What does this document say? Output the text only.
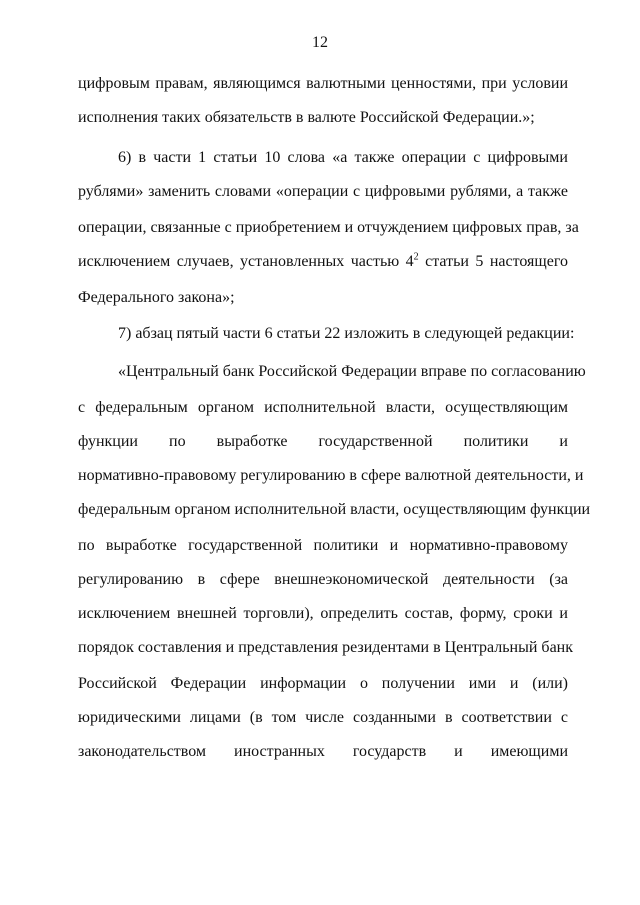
12
цифровым правам, являющимся валютными ценностями, при условии
исполнения таких обязательств в валюте Российской Федерации.»;
6) в части 1 статьи 10 слова «а также операции с цифровыми
рублями» заменить словами «операции с цифровыми рублями, а также
операции, связанные с приобретением и отчуждением цифровых прав, за
исключением случаев, установленных частью $4^2$ статьи 5 настоящего
Федерального закона»;
7) абзац пятый части 6 статьи 22 изложить в следующей редакции:
«Центральный банк Российской Федерации вправе по согласованию
с федеральным органом исполнительной власти, осуществляющим
функции по выработке государственной политики и
нормативно-правовому регулированию в сфере валютной деятельности, и
федеральным органом исполнительной власти, осуществляющим функции
по выработке государственной политики и нормативно-правовому
регулированию в сфере внешнеэкономической деятельности (за
исключением внешней торговли), определить состав, форму, сроки и
порядок составления и представления резидентами в Центральный банк
Российской Федерации информации о получении ими и (или)
юридическими лицами (в том числе созданными в соответствии с
законодательством иностранных государств и имеющими
